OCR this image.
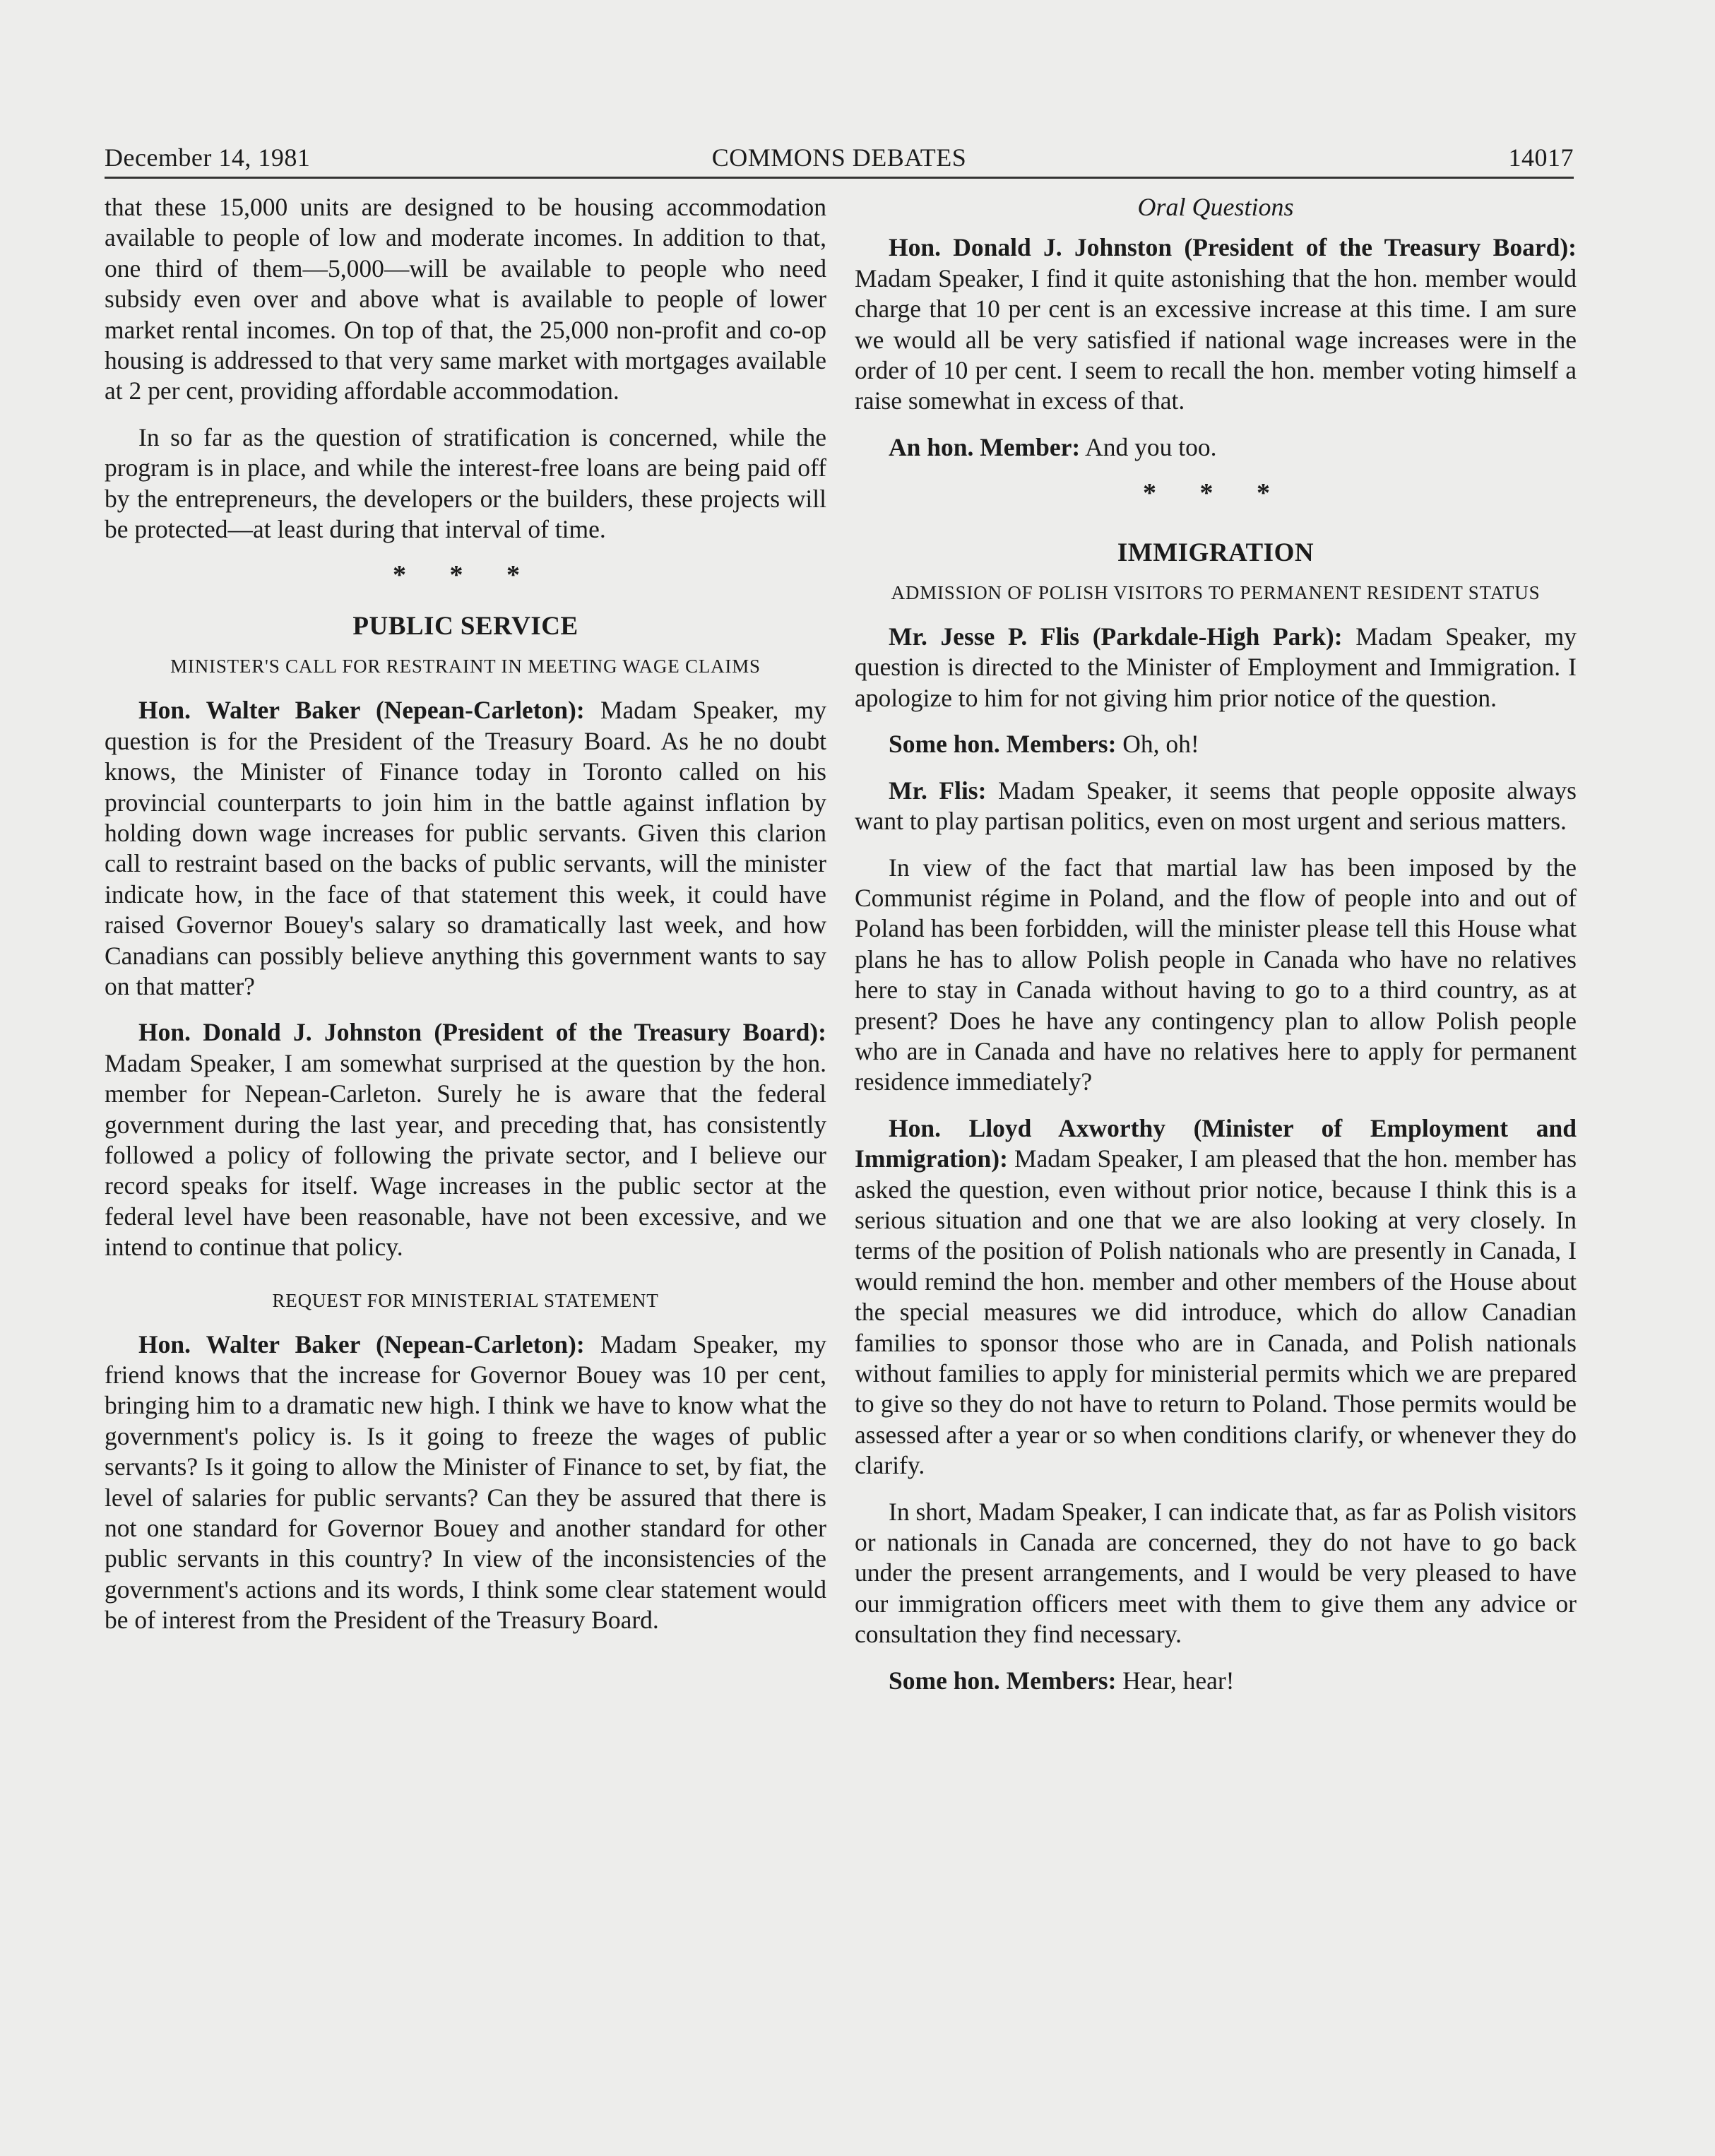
December 14, 1981	COMMONS DEBATES	14017

that these 15,000 units are designed to be housing accommodation available to people of low and moderate incomes. In addition to that, one third of them—5,000—will be available to people who need subsidy even over and above what is available to people of lower market rental incomes. On top of that, the 25,000 non-profit and co-op housing is addressed to that very same market with mortgages available at 2 per cent, providing affordable accommodation.

In so far as the question of stratification is concerned, while the program is in place, and while the interest-free loans are being paid off by the entrepreneurs, the developers or the builders, these projects will be protected—at least during that interval of time.

* * *
PUBLIC SERVICE
MINISTER'S CALL FOR RESTRAINT IN MEETING WAGE CLAIMS

Hon. Walter Baker (Nepean-Carleton): Madam Speaker, my question is for the President of the Treasury Board. As he no doubt knows, the Minister of Finance today in Toronto called on his provincial counterparts to join him in the battle against inflation by holding down wage increases for public servants. Given this clarion call to restraint based on the backs of public servants, will the minister indicate how, in the face of that statement this week, it could have raised Governor Bouey's salary so dramatically last week, and how Canadians can possibly believe anything this government wants to say on that matter?

Hon. Donald J. Johnston (President of the Treasury Board): Madam Speaker, I am somewhat surprised at the question by the hon. member for Nepean-Carleton. Surely he is aware that the federal government during the last year, and preceding that, has consistently followed a policy of following the private sector, and I believe our record speaks for itself. Wage increases in the public sector at the federal level have been reasonable, have not been excessive, and we intend to continue that policy.

REQUEST FOR MINISTERIAL STATEMENT

Hon. Walter Baker (Nepean-Carleton): Madam Speaker, my friend knows that the increase for Governor Bouey was 10 per cent, bringing him to a dramatic new high. I think we have to know what the government's policy is. Is it going to freeze the wages of public servants? Is it going to allow the Minister of Finance to set, by fiat, the level of salaries for public servants? Can they be assured that there is not one standard for Governor Bouey and another standard for other public servants in this country? In view of the inconsistencies of the government's actions and its words, I think some clear statement would be of interest from the President of the Treasury Board.

Oral Questions

Hon. Donald J. Johnston (President of the Treasury Board): Madam Speaker, I find it quite astonishing that the hon. member would charge that 10 per cent is an excessive increase at this time. I am sure we would all be very satisfied if national wage increases were in the order of 10 per cent. I seem to recall the hon. member voting himself a raise somewhat in excess of that.

An hon. Member: And you too.

* * *
IMMIGRATION
ADMISSION OF POLISH VISITORS TO PERMANENT RESIDENT STATUS

Mr. Jesse P. Flis (Parkdale-High Park): Madam Speaker, my question is directed to the Minister of Employment and Immigration. I apologize to him for not giving him prior notice of the question.

Some hon. Members: Oh, oh!

Mr. Flis: Madam Speaker, it seems that people opposite always want to play partisan politics, even on most urgent and serious matters.

In view of the fact that martial law has been imposed by the Communist régime in Poland, and the flow of people into and out of Poland has been forbidden, will the minister please tell this House what plans he has to allow Polish people in Canada who have no relatives here to stay in Canada without having to go to a third country, as at present? Does he have any contingency plan to allow Polish people who are in Canada and have no relatives here to apply for permanent residence immediately?

Hon. Lloyd Axworthy (Minister of Employment and Immigration): Madam Speaker, I am pleased that the hon. member has asked the question, even without prior notice, because I think this is a serious situation and one that we are also looking at very closely. In terms of the position of Polish nationals who are presently in Canada, I would remind the hon. member and other members of the House about the special measures we did introduce, which do allow Canadian families to sponsor those who are in Canada, and Polish nationals without families to apply for ministerial permits which we are prepared to give so they do not have to return to Poland. Those permits would be assessed after a year or so when conditions clarify, or whenever they do clarify.

In short, Madam Speaker, I can indicate that, as far as Polish visitors or nationals in Canada are concerned, they do not have to go back under the present arrangements, and I would be very pleased to have our immigration officers meet with them to give them any advice or consultation they find necessary.

Some hon. Members: Hear, hear!
